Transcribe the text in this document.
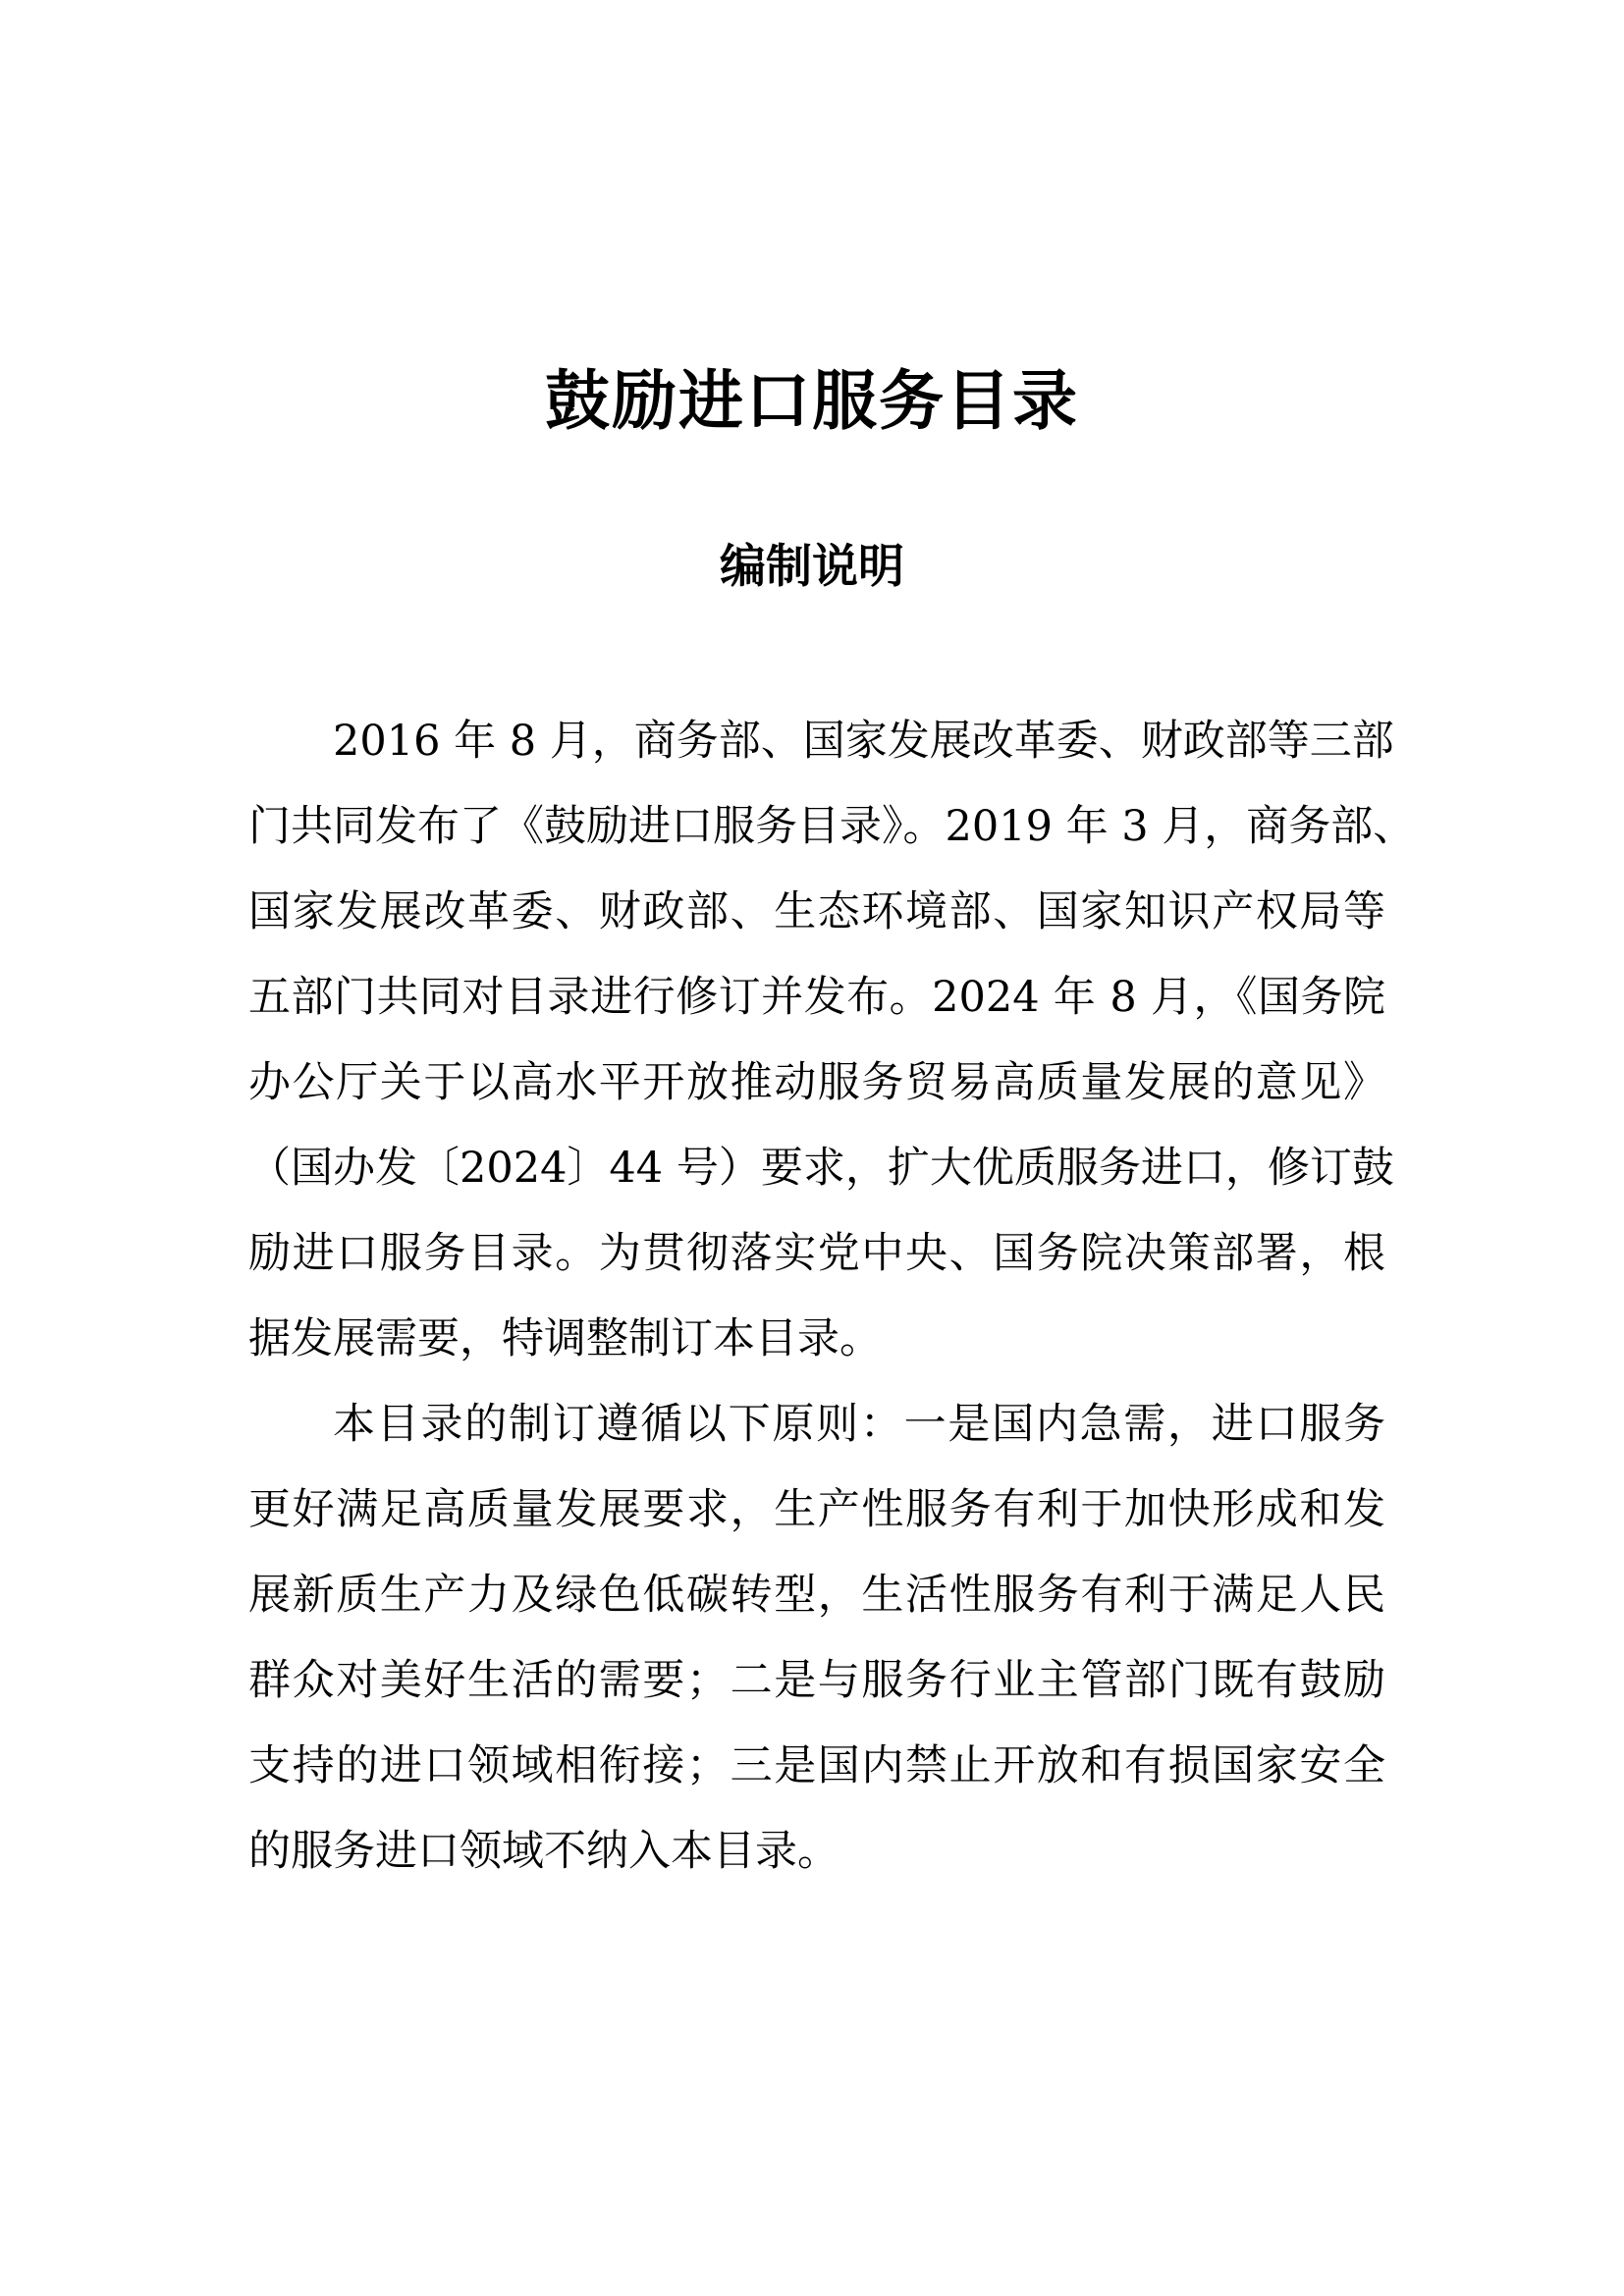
鼓励进口服务目录
编制说明
2016 年 8 月，商务部、国家发展改革委、财政部等三部
门共同发布了《鼓励进口服务目录》。2019 年 3 月，商务部、
国家发展改革委、财政部、生态环境部、国家知识产权局等
五部门共同对目录进行修订并发布。2024 年 8 月，《国务院
办公厅关于以高水平开放推动服务贸易高质量发展的意见》
（国办发〔2024〕44 号）要求，扩大优质服务进口，修订鼓
励进口服务目录。为贯彻落实党中央、国务院决策部署，根
据发展需要，特调整制订本目录。
本目录的制订遵循以下原则：一是国内急需，进口服务
更好满足高质量发展要求，生产性服务有利于加快形成和发
展新质生产力及绿色低碳转型，生活性服务有利于满足人民
群众对美好生活的需要；二是与服务行业主管部门既有鼓励
支持的进口领域相衔接；三是国内禁止开放和有损国家安全
的服务进口领域不纳入本目录。
